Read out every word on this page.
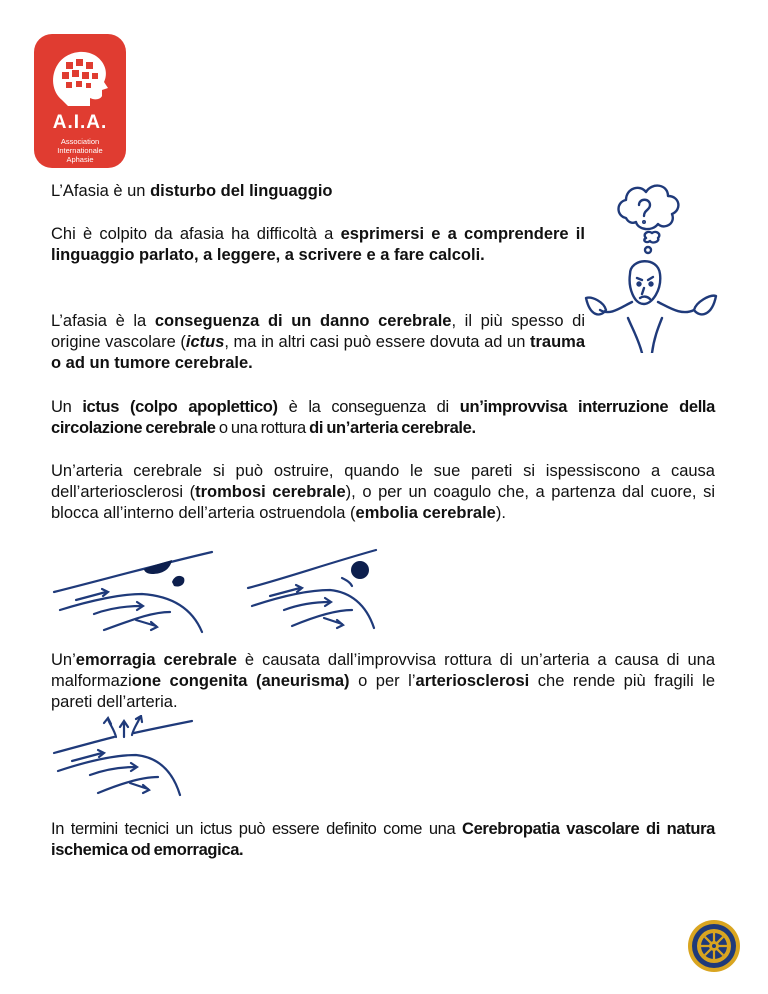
A.I.A.
Association
Internationale
Aphasie

L’Afasia è un disturbo del linguaggio

Chi è colpito da afasia ha difficoltà a esprimersi e a comprendere il linguaggio parlato, a leggere, a scrivere e a fare calcoli.

L’afasia è la conseguenza di un danno cerebrale, il più spesso di origine vascolare (ictus, ma in altri casi può essere dovuta ad un trauma o ad un tumore cerebrale.

Un ictus (colpo apoplettico) è la conseguenza di un’improvvisa interruzione della circolazione cerebrale o una rottura di un’arteria cerebrale.

Un’arteria cerebrale si può ostruire, quando le sue pareti si ispessiscono a causa dell’arteriosclerosi (trombosi cerebrale), o per un coagulo che, a partenza dal cuore, si blocca all’interno dell’arteria ostruendola (embolia cerebrale).

Un’emorragia cerebrale è causata dall’improvvisa rottura di un’arteria a causa di una malformazione congenita (aneurisma) o per l’arteriosclerosi che rende più fragili le pareti dell’arteria.

In termini tecnici un ictus può essere definito come una Cerebropatia vascolare di natura ischemica od emorragica.
